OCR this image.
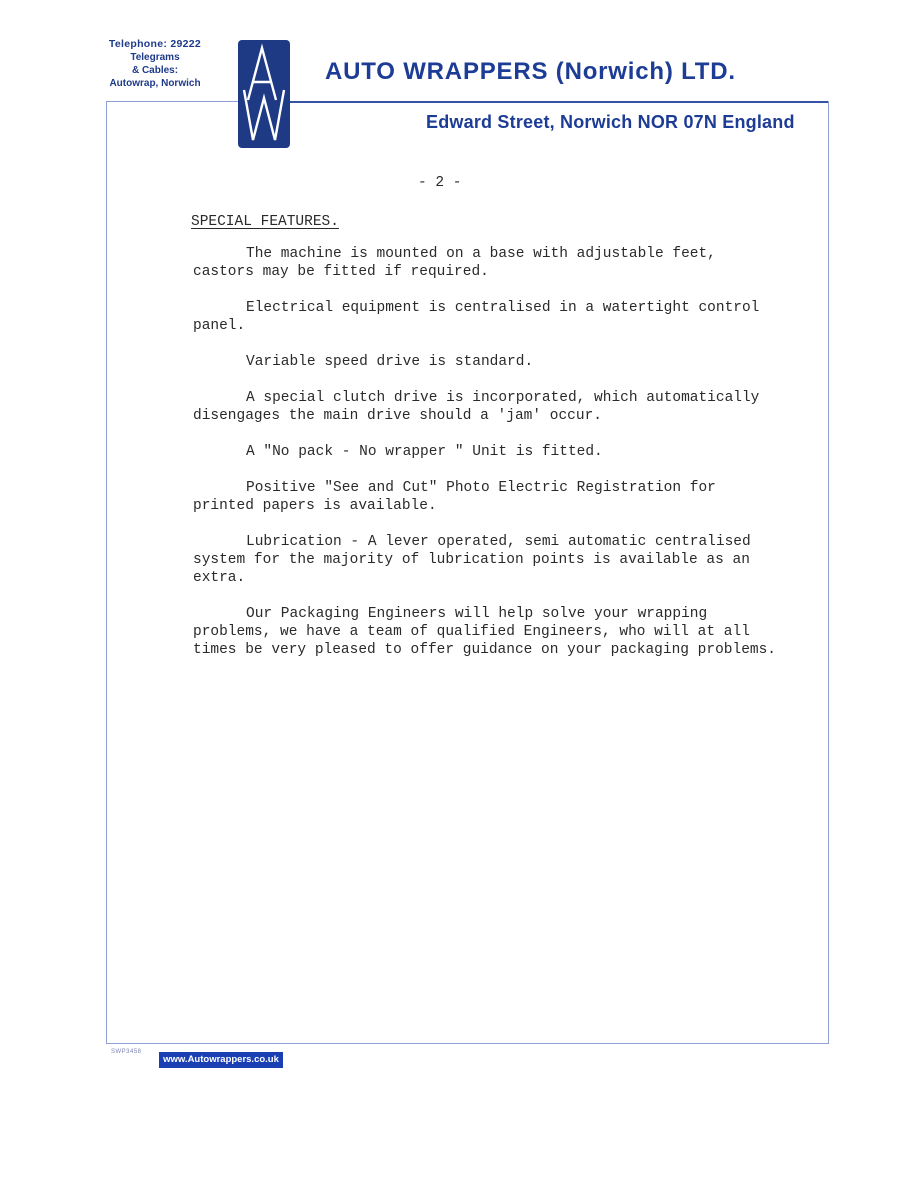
Telephone: 29222
Telegrams
& Cables:
Autowrap, Norwich	AUTO WRAPPERS (Norwich) LTD.
Edward Street, Norwich NOR 07N England
- 2 -
SPECIAL FEATURES.
The machine is mounted on a base with adjustable feet,
castors may be fitted if required.
Electrical equipment is centralised in a watertight control
panel.
Variable speed drive is standard.
A special clutch drive is incorporated, which automatically
disengages the main drive should a 'jam' occur.
A "No pack - No wrapper " Unit is fitted.
Positive "See and Cut" Photo Electric Registration for
printed papers is available.
Lubrication - A lever operated, semi automatic centralised
system for the majority of lubrication points is available as an
extra.
Our Packaging Engineers will help solve your wrapping
problems, we have a team of qualified Engineers, who will at all
times be very pleased to offer guidance on your packaging problems.
SWP3458
www.Autowrappers.co.uk
